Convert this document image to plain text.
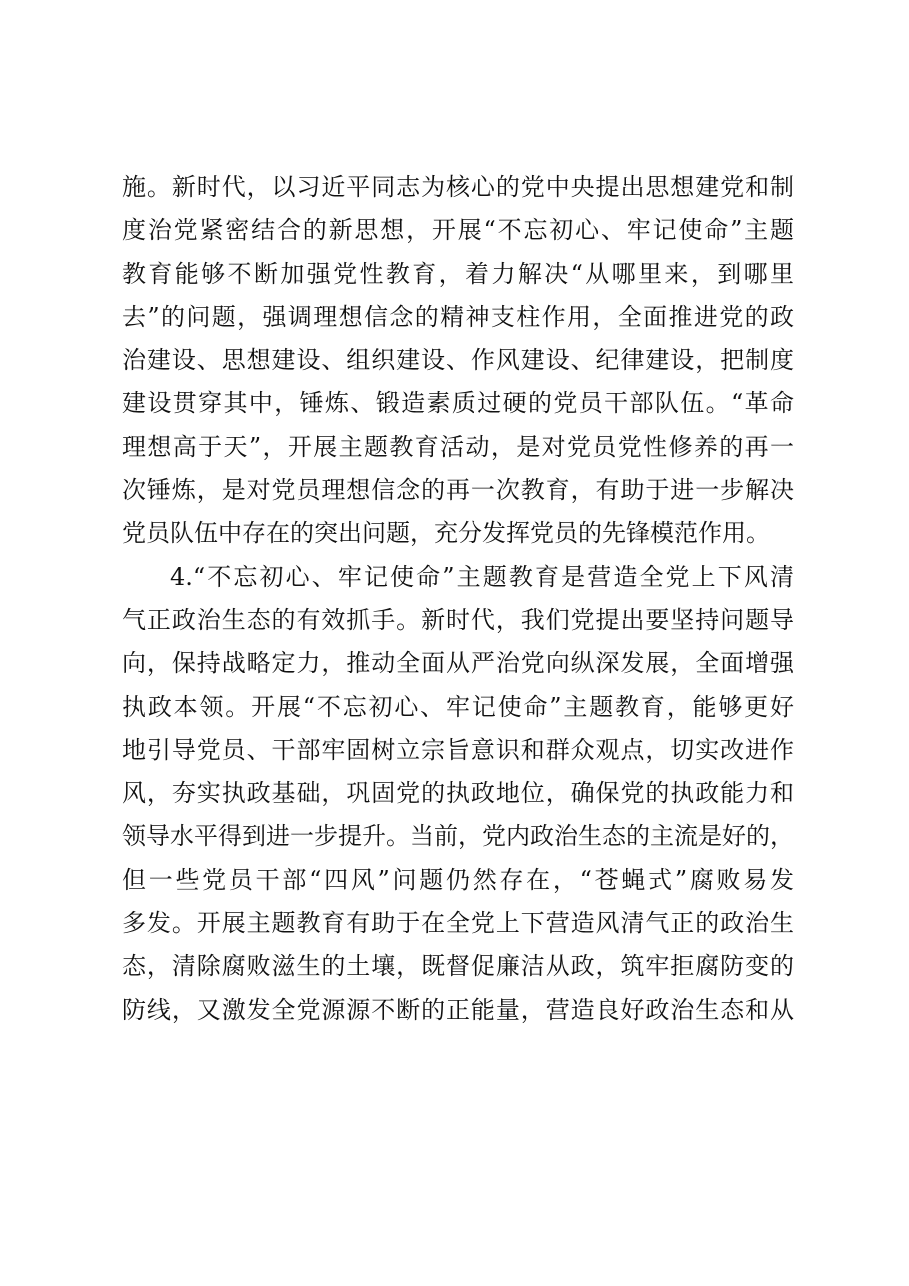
施。新时代，以习近平同志为核心的党中央提出思想建党和制
度治党紧密结合的新思想，开展“不忘初心、牢记使命”主题
教育能够不断加强党性教育，着力解决“从哪里来，到哪里
去”的问题，强调理想信念的精神支柱作用，全面推进党的政
治建设、思想建设、组织建设、作风建设、纪律建设，把制度
建设贯穿其中，锤炼、锻造素质过硬的党员干部队伍。“革命
理想高于天”，开展主题教育活动，是对党员党性修养的再一
次锤炼，是对党员理想信念的再一次教育，有助于进一步解决
党员队伍中存在的突出问题，充分发挥党员的先锋模范作用。
4.“不忘初心、牢记使命”主题教育是营造全党上下风清
气正政治生态的有效抓手。新时代，我们党提出要坚持问题导
向，保持战略定力，推动全面从严治党向纵深发展，全面增强
执政本领。开展“不忘初心、牢记使命”主题教育，能够更好
地引导党员、干部牢固树立宗旨意识和群众观点，切实改进作
风，夯实执政基础，巩固党的执政地位，确保党的执政能力和
领导水平得到进一步提升。当前，党内政治生态的主流是好的，
但一些党员干部“四风”问题仍然存在，“苍蝇式”腐败易发
多发。开展主题教育有助于在全党上下营造风清气正的政治生
态，清除腐败滋生的土壤，既督促廉洁从政，筑牢拒腐防变的
防线，又激发全党源源不断的正能量，营造良好政治生态和从
